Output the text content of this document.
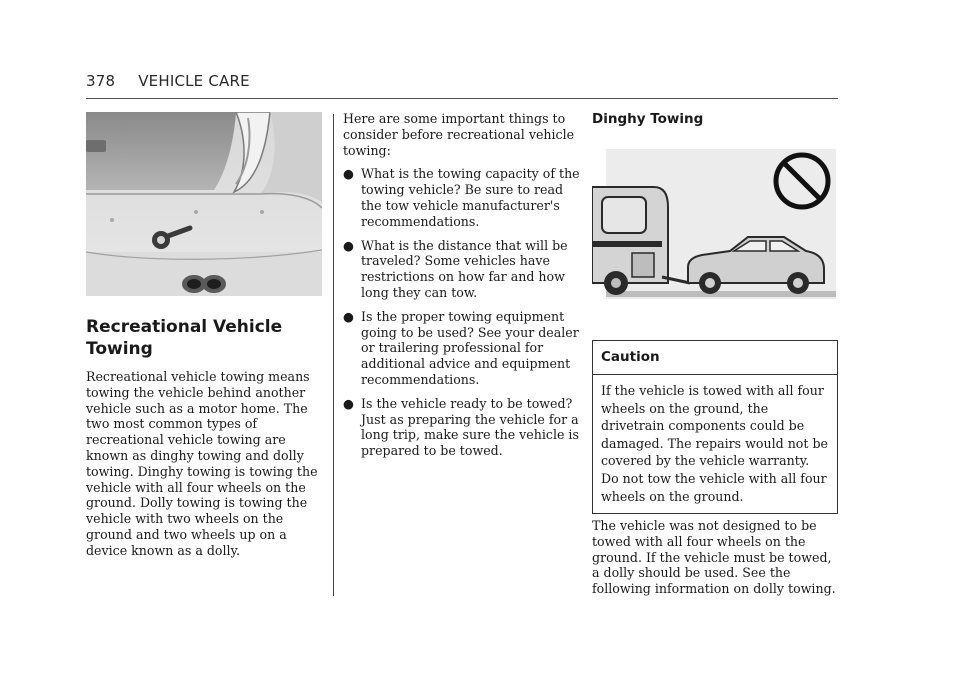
378 VEHICLE CARE
Recreational Vehicle
Towing

Recreational vehicle towing means towing the vehicle behind another vehicle such as a motor home. The two most common types of recreational vehicle towing are known as dinghy towing and dolly towing. Dinghy towing is towing the vehicle with all four wheels on the ground. Dolly towing is towing the vehicle with two wheels on the ground and two wheels up on a device known as a dolly.

Here are some important things to consider before recreational vehicle towing:

● What is the towing capacity of the towing vehicle? Be sure to read the tow vehicle manufacturer's recommendations.
● What is the distance that will be traveled? Some vehicles have restrictions on how far and how long they can tow.
● Is the proper towing equipment going to be used? See your dealer or trailering professional for additional advice and equipment recommendations.
● Is the vehicle ready to be towed? Just as preparing the vehicle for a long trip, make sure the vehicle is prepared to be towed.
Dinghy Towing
Caution

If the vehicle is towed with all four wheels on the ground, the drivetrain components could be damaged. The repairs would not be covered by the vehicle warranty. Do not tow the vehicle with all four wheels on the ground.

The vehicle was not designed to be towed with all four wheels on the ground. If the vehicle must be towed, a dolly should be used. See the following information on dolly towing.
